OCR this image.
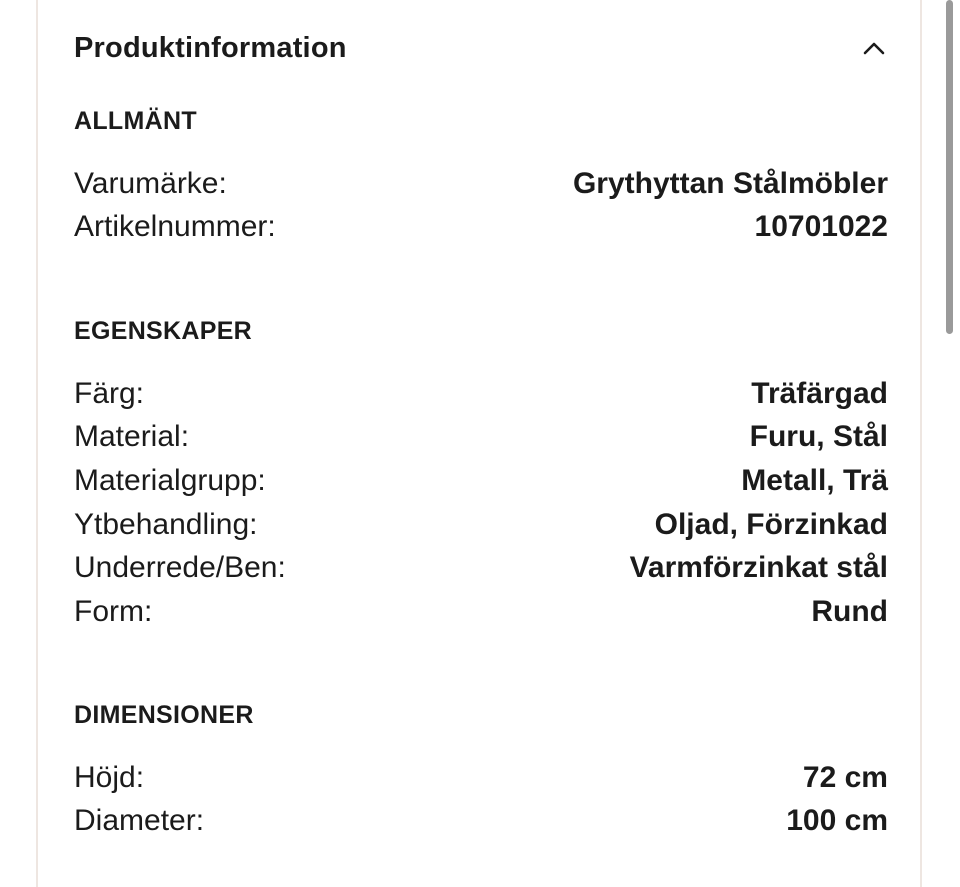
Produktinformation
ALLMÄNT
Varumärke:	Grythyttan Stålmöbler
Artikelnummer:	10701022
EGENSKAPER
Färg:	Träfärgad
Material:	Furu, Stål
Materialgrupp:	Metall, Trä
Ytbehandling:	Oljad, Förzinkad
Underrede/Ben:	Varmförzinkat stål
Form:	Rund
DIMENSIONER
Höjd:	72 cm
Diameter:	100 cm
